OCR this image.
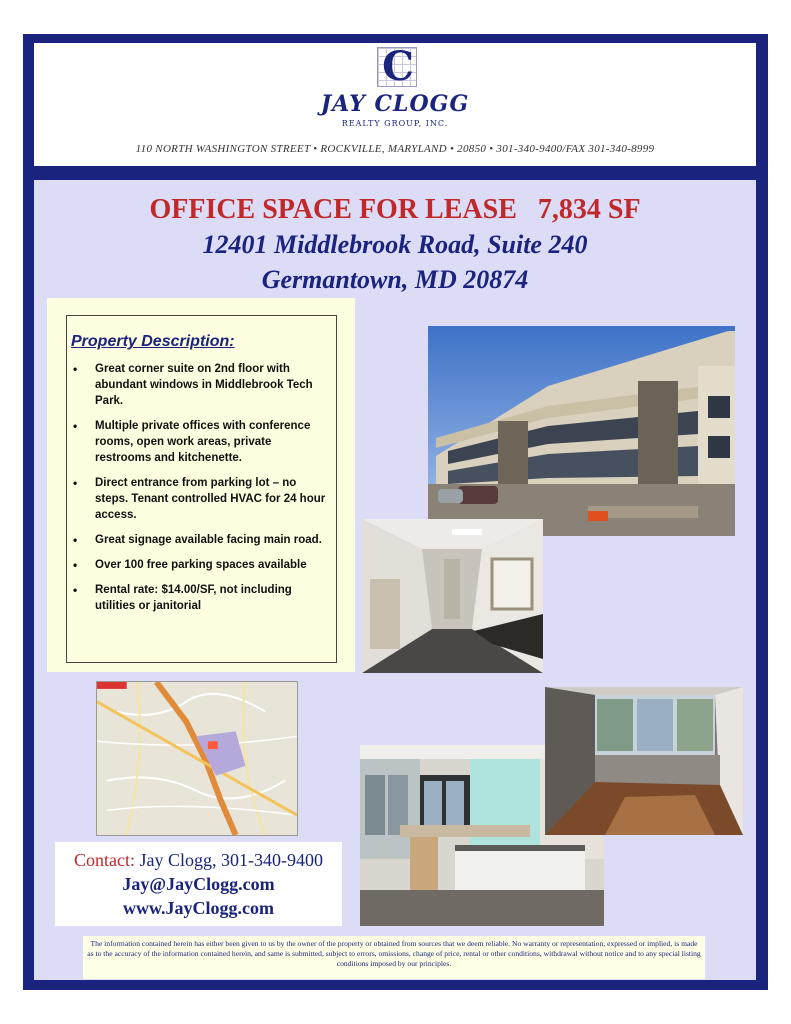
C
JAY CLOGG
REALTY GROUP, INC.
110 NORTH WASHINGTON STREET • ROCKVILLE, MARYLAND • 20850 • 301-340-9400/FAX 301-340-8999
OFFICE SPACE FOR LEASE   7,834 SF
12401 Middlebrook Road, Suite 240
Germantown, MD 20874
Property Description:
• Great corner suite on 2nd floor with abundant windows in Middlebrook Tech Park.
• Multiple private offices with conference rooms, open work areas, private restrooms and kitchenette.
• Direct entrance from parking lot – no steps. Tenant controlled HVAC for 24 hour access.
• Great signage available facing main road.
• Over 100 free parking spaces available
• Rental rate: $14.00/SF, not including utilities or janitorial
Contact: Jay Clogg, 301-340-9400
Jay@JayClogg.com
www.JayClogg.com
The information contained herein has either been given to us by the owner of the property or obtained from sources that we deem reliable. No warranty or representation, expressed or implied, is made as to the accuracy of the information contained herein, and same is submitted, subject to errors, omissions, change of price, rental or other conditions, withdrawal without notice and to any special listing conditions imposed by our principles.
